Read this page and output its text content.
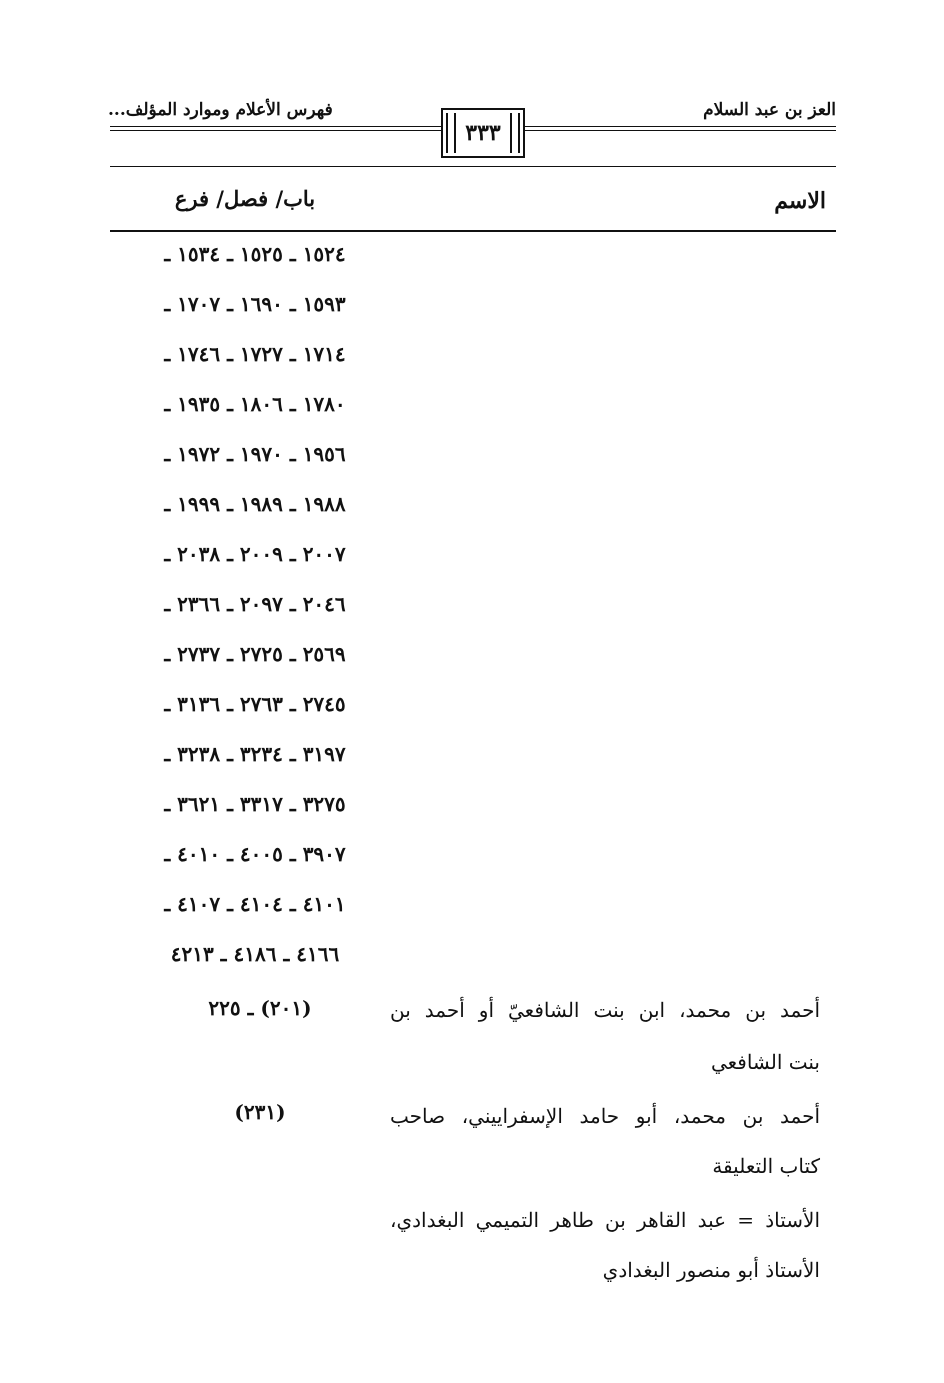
فهرس الأعلام وموارد المؤلف...	العز بن عبد السلام
٣٣٣
باب/ فصل/ فرع	الاسم
١٥٢٤ ـ ١٥٢٥ ـ ١٥٣٤ ـ
١٥٩٣ ـ ١٦٩٠ ـ ١٧٠٧ ـ
١٧١٤ ـ ١٧٢٧ ـ ١٧٤٦ ـ
١٧٨٠ ـ ١٨٠٦ ـ ١٩٣٥ ـ
١٩٥٦ ـ ١٩٧٠ ـ ١٩٧٢ ـ
١٩٨٨ ـ ١٩٨٩ ـ ١٩٩٩ ـ
٢٠٠٧ ـ ٢٠٠٩ ـ ٢٠٣٨ ـ
٢٠٤٦ ـ ٢٠٩٧ ـ ٢٣٦٦ ـ
٢٥٦٩ ـ ٢٧٢٥ ـ ٢٧٣٧ ـ
٢٧٤٥ ـ ٢٧٦٣ ـ ٣١٣٦ ـ
٣١٩٧ ـ ٣٢٣٤ ـ ٣٢٣٨ ـ
٣٢٧٥ ـ ٣٣١٧ ـ ٣٦٢١ ـ
٣٩٠٧ ـ ٤٠٠٥ ـ ٤٠١٠ ـ
٤١٠١ ـ ٤١٠٤ ـ ٤١٠٧ ـ
٤١٦٦ ـ ٤١٨٦ ـ ٤٢١٣
أحمد بن محمد، ابن بنت الشافعيّ أو أحمد بن
بنت الشافعي
(٢٠١) ـ ٢٢٥
أحمد بن محمد، أبو حامد الإسفراييني، صاحب
كتاب التعليقة
(٢٣١)
الأستاذ = عبد القاهر بن طاهر التميمي البغدادي،
الأستاذ أبو منصور البغدادي
